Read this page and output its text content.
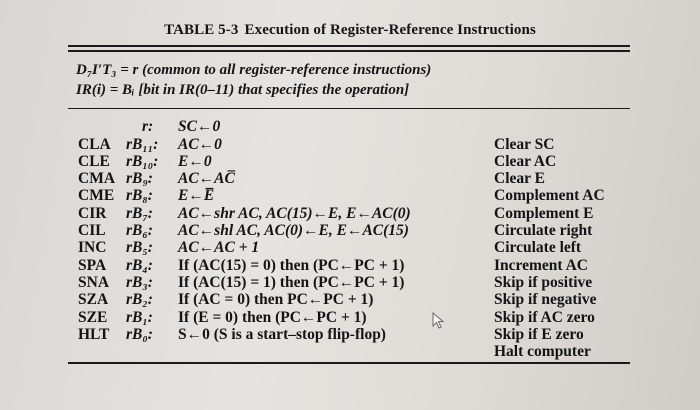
TABLE 5-3 Execution of Register-Reference Instructions
D₇I′T₃ = r (common to all register-reference instructions)
IR(i) = Bᵢ [bit in IR(0–11) that specifies the operation]
r: SC←0
CLA rB₁₁: AC←0	Clear SC
CLE rB₁₀: E←0	Clear AC
CMA rB₉: AC←AC̅	Clear E
CME rB₈: E←E̅	Complement AC
CIR rB₇: AC←shr AC, AC(15)←E, E←AC(0)	Complement E
CIL rB₆: AC←shl AC, AC(0)←E, E←AC(15)	Circulate right
INC rB₅: AC←AC + 1	Circulate left
SPA rB₄: If (AC(15) = 0) then (PC←PC + 1)	Increment AC
SNA rB₃: If (AC(15) = 1) then (PC←PC + 1)	Skip if positive
SZA rB₂: If (AC = 0) then PC←PC + 1)	Skip if negative
SZE rB₁: If (E = 0) then (PC←PC + 1)	Skip if AC zero
HLT rB₀: S←0 (S is a start–stop flip-flop)	Skip if E zero
Halt computer
